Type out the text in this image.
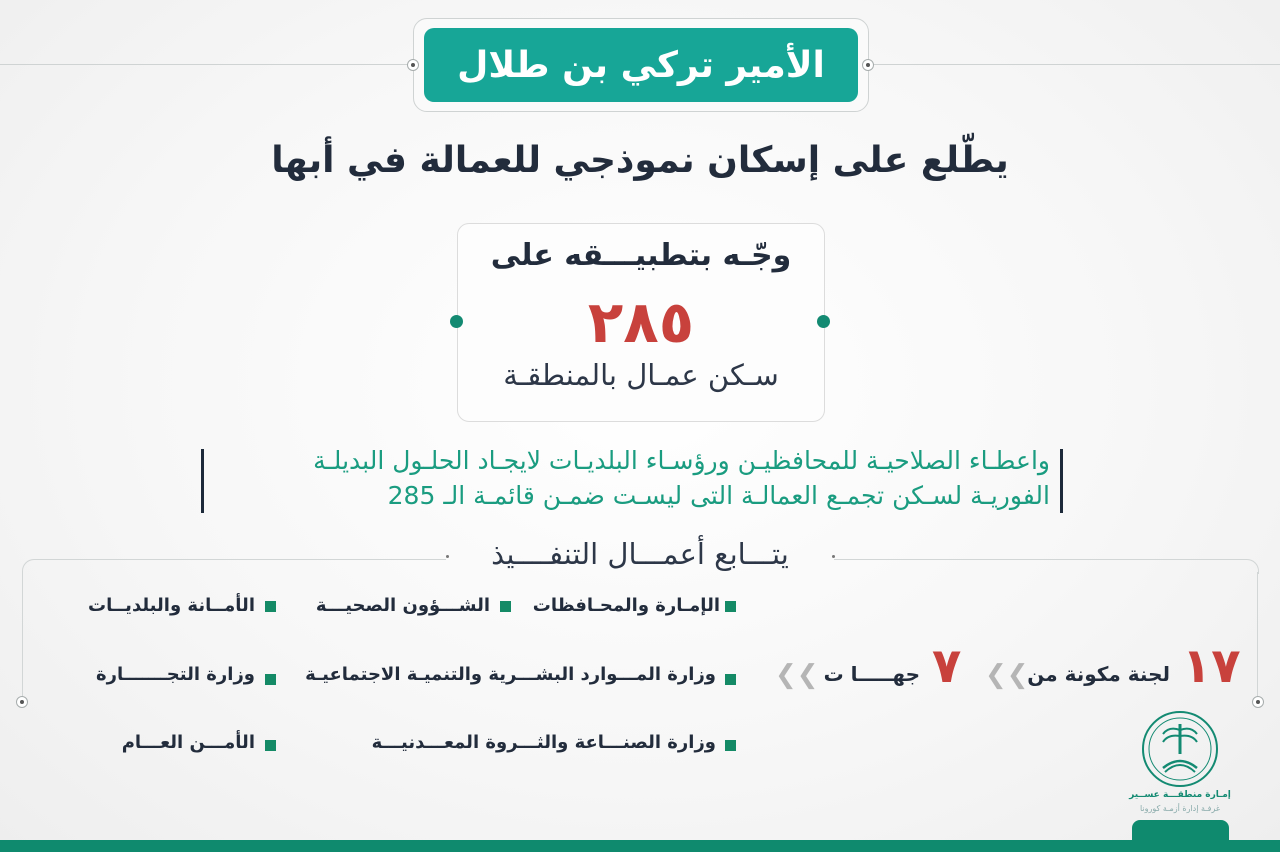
الأمير تركي بن طلال
يطّلع على إسكان نموذجي للعمالة في أبها
وجّـه بتطبيـــقه على
٢٨٥
سـكن عمـال بالمنطقـة
واعطـاء الصلاحيـة للمحافظيـن ورؤسـاء البلديـات لايجـاد الحلـول البديلـة
الفوريـة لسـكن تجمـع العمالـة التى ليسـت ضمـن قائمـة الـ 285
يتـــابع أعمـــال التنفــــيذ
الإمـارة والمحـافظات
الشـــؤون الصحيـــة
الأمــانة والبلديــات
١٧
لجنة مكونة من
❯❯
٧
جهـــــا ت
❯❯
وزارة المـــوارد البشـــرية والتنميـة الاجتماعيـة
وزارة التجـــــــارة
وزارة الصنـــاعة والثـــروة المعـــدنيـــة
الأمـــن العـــام
إمـارة منطقـــة عســير
غرفـة إدارة أزمـة كورونا
